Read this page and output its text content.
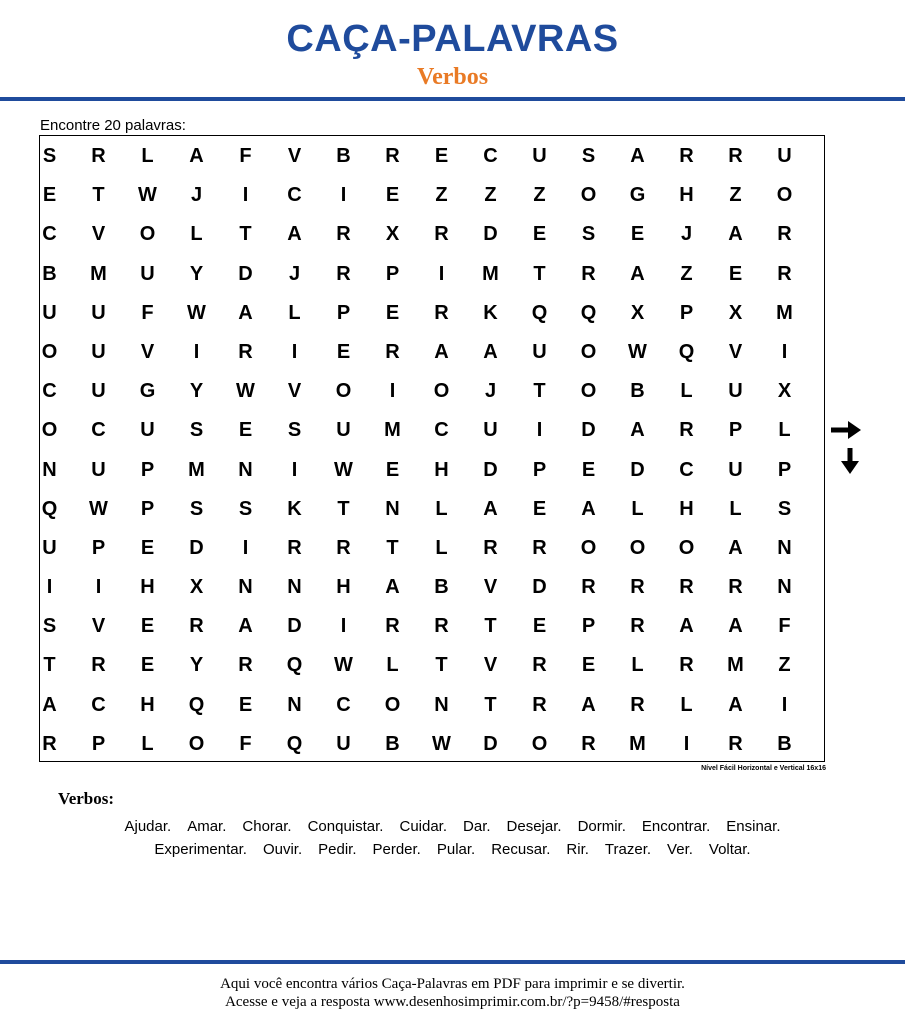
CAÇA-PALAVRAS
Verbos
Encontre 20 palavras:
S	R	L	A	F	V	B	R	E	C	U	S	A	R	R	U
E	T	W	J	I	C	I	E	Z	Z	Z	O	G	H	Z	O
C	V	O	L	T	A	R	X	R	D	E	S	E	J	A	R
B	M	U	Y	D	J	R	P	I	M	T	R	A	Z	E	R
U	U	F	W	A	L	P	E	R	K	Q	Q	X	P	X	M
O	U	V	I	R	I	E	R	A	A	U	O	W	Q	V	I
C	U	G	Y	W	V	O	I	O	J	T	O	B	L	U	X
O	C	U	S	E	S	U	M	C	U	I	D	A	R	P	L
N	U	P	M	N	I	W	E	H	D	P	E	D	C	U	P
Q	W	P	S	S	K	T	N	L	A	E	A	L	H	L	S
U	P	E	D	I	R	R	T	L	R	R	O	O	O	A	N
I	I	H	X	N	N	H	A	B	V	D	R	R	R	R	N
S	V	E	R	A	D	I	R	R	T	E	P	R	A	A	F
T	R	E	Y	R	Q	W	L	T	V	R	E	L	R	M	Z
A	C	H	Q	E	N	C	O	N	T	R	A	R	L	A	I
R	P	L	O	F	Q	U	B	W	D	O	R	M	I	R	B
Nível Fácil Horizontal e Vertical 16x16
Verbos:
Ajudar. Amar. Chorar. Conquistar. Cuidar. Dar. Desejar. Dormir. Encontrar. Ensinar.
Experimentar. Ouvir. Pedir. Perder. Pular. Recusar. Rir. Trazer. Ver. Voltar.
Aqui você encontra vários Caça-Palavras em PDF para imprimir e se divertir.
Acesse e veja a resposta www.desenhosimprimir.com.br/?p=9458/#resposta
